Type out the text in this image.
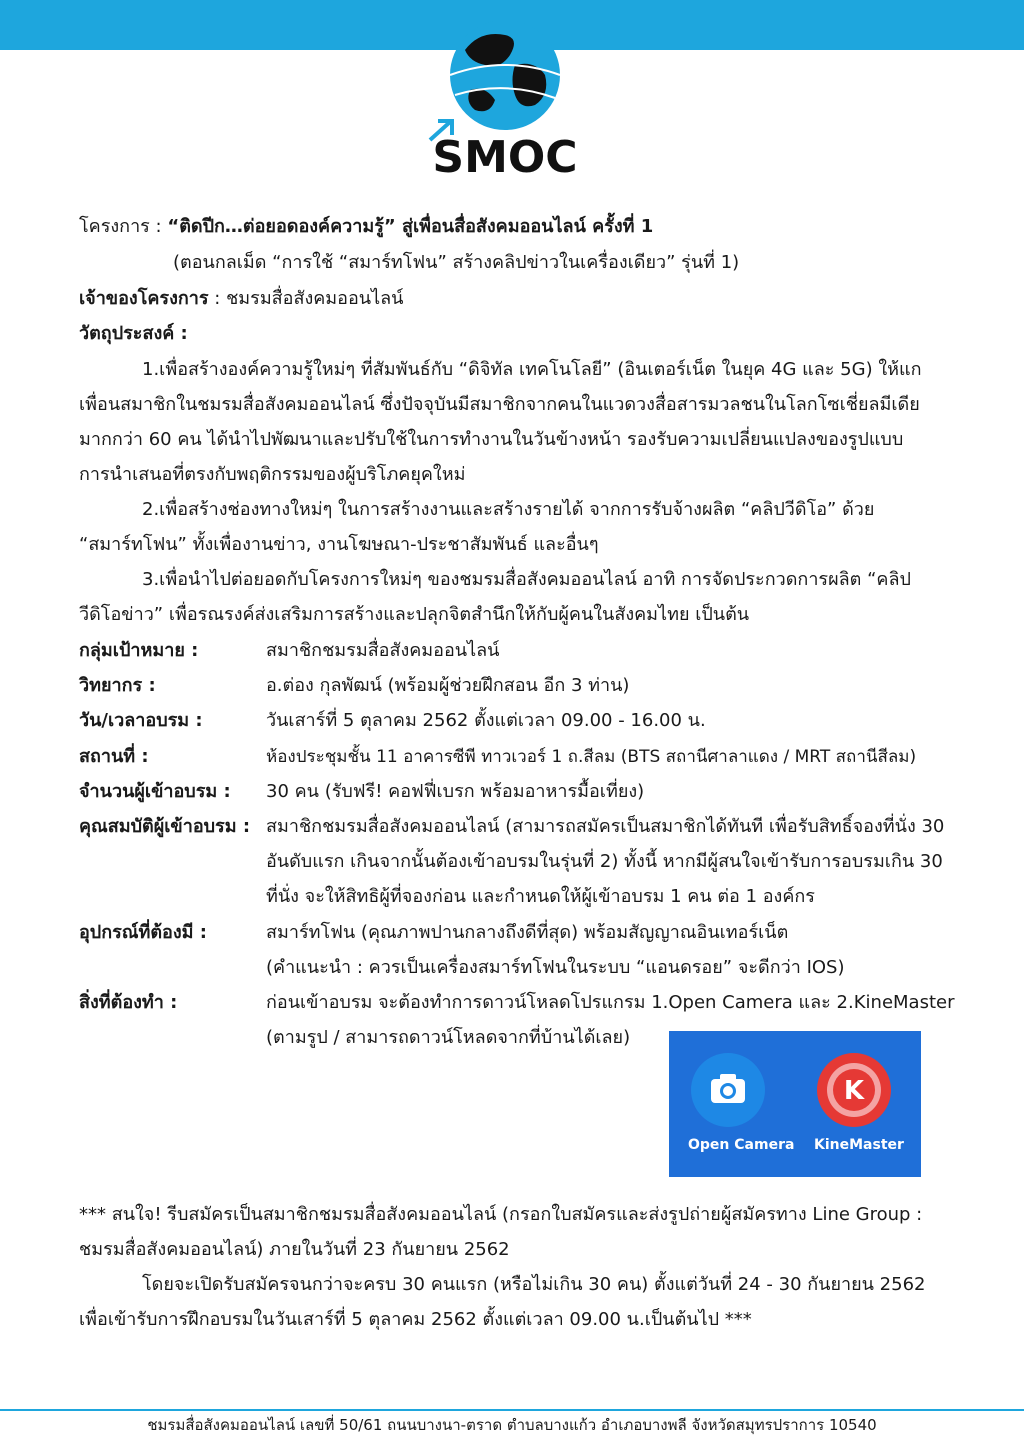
SMOC
โครงการ : “ติดปีก…ต่อยอดองค์ความรู้” สู่เพื่อนสื่อสังคมออนไลน์ ครั้งที่ 1
(ตอนกลเม็ด “การใช้ “สมาร์ทโฟน” สร้างคลิปข่าวในเครื่องเดียว” รุ่นที่ 1)
เจ้าของโครงการ : ชมรมสื่อสังคมออนไลน์
วัตถุประสงค์ :
1.เพื่อสร้างองค์ความรู้ใหม่ๆ ที่สัมพันธ์กับ “ดิจิทัล เทคโนโลยี” (อินเตอร์เน็ต ในยุค 4G และ 5G) ให้แก
เพื่อนสมาชิกในชมรมสื่อสังคมออนไลน์ ซึ่งปัจจุบันมีสมาชิกจากคนในแวดวงสื่อสารมวลชนในโลกโซเชี่ยลมีเดีย
มากกว่า 60 คน ได้นำไปพัฒนาและปรับใช้ในการทำงานในวันข้างหน้า รองรับความเปลี่ยนแปลงของรูปแบบ
การนำเสนอที่ตรงกับพฤติกรรมของผู้บริโภคยุคใหม่
2.เพื่อสร้างช่องทางใหม่ๆ ในการสร้างงานและสร้างรายได้ จากการรับจ้างผลิต “คลิปวีดิโอ” ด้วย
“สมาร์ทโฟน” ทั้งเพื่องานข่าว, งานโฆษณา-ประชาสัมพันธ์ และอื่นๆ
3.เพื่อนำไปต่อยอดกับโครงการใหม่ๆ ของชมรมสื่อสังคมออนไลน์ อาทิ การจัดประกวดการผลิต “คลิป
วีดิโอข่าว” เพื่อรณรงค์ส่งเสริมการสร้างและปลุกจิตสำนึกให้กับผู้คนในสังคมไทย เป็นต้น
กลุ่มเป้าหมาย :	สมาชิกชมรมสื่อสังคมออนไลน์
วิทยากร :	อ.ต่อง กุลพัฒน์ (พร้อมผู้ช่วยฝึกสอน อีก 3 ท่าน)
วัน/เวลาอบรม :	วันเสาร์ที่ 5 ตุลาคม 2562 ตั้งแต่เวลา 09.00 - 16.00 น.
สถานที่ :	ห้องประชุมชั้น 11 อาคารซีพี ทาวเวอร์ 1 ถ.สีลม (BTS สถานีศาลาแดง / MRT สถานีสีลม)
จำนวนผู้เข้าอบรม : 30 คน (รับฟรี! คอฟฟี่เบรก พร้อมอาหารมื้อเที่ยง)
คุณสมบัติผู้เข้าอบรม : สมาชิกชมรมสื่อสังคมออนไลน์ (สามารถสมัครเป็นสมาชิกได้ทันที เพื่อรับสิทธิ์จองที่นั่ง 30
อันดับแรก เกินจากนั้นต้องเข้าอบรมในรุ่นที่ 2) ทั้งนี้ หากมีผู้สนใจเข้ารับการอบรมเกิน 30
ที่นั่ง จะให้สิทธิผู้ที่จองก่อน และกำหนดให้ผู้เข้าอบรม 1 คน ต่อ 1 องค์กร
อุปกรณ์ที่ต้องมี :	สมาร์ทโฟน (คุณภาพปานกลางถึงดีที่สุด) พร้อมสัญญาณอินเทอร์เน็ต
(คำแนะนำ : ควรเป็นเครื่องสมาร์ทโฟนในระบบ “แอนดรอย” จะดีกว่า IOS)
สิ่งที่ต้องทำ :	ก่อนเข้าอบรม จะต้องทำการดาวน์โหลดโปรแกรม 1.Open Camera และ 2.KineMaster
(ตามรูป / สามารถดาวน์โหลดจากที่บ้านได้เลย)
Open Camera
K
KineMaster
*** สนใจ! รีบสมัครเป็นสมาชิกชมรมสื่อสังคมออนไลน์ (กรอกใบสมัครและส่งรูปถ่ายผู้สมัครทาง Line Group :
ชมรมสื่อสังคมออนไลน์) ภายในวันที่ 23 กันยายน 2562
โดยจะเปิดรับสมัครจนกว่าจะครบ 30 คนแรก (หรือไม่เกิน 30 คน) ตั้งแต่วันที่ 24 - 30 กันยายน 2562
เพื่อเข้ารับการฝึกอบรมในวันเสาร์ที่ 5 ตุลาคม 2562 ตั้งแต่เวลา 09.00 น.เป็นต้นไป ***
ชมรมสื่อสังคมออนไลน์ เลขที่ 50/61 ถนนบางนา-ตราด ตำบลบางแก้ว อำเภอบางพลี จังหวัดสมุทรปราการ 10540
